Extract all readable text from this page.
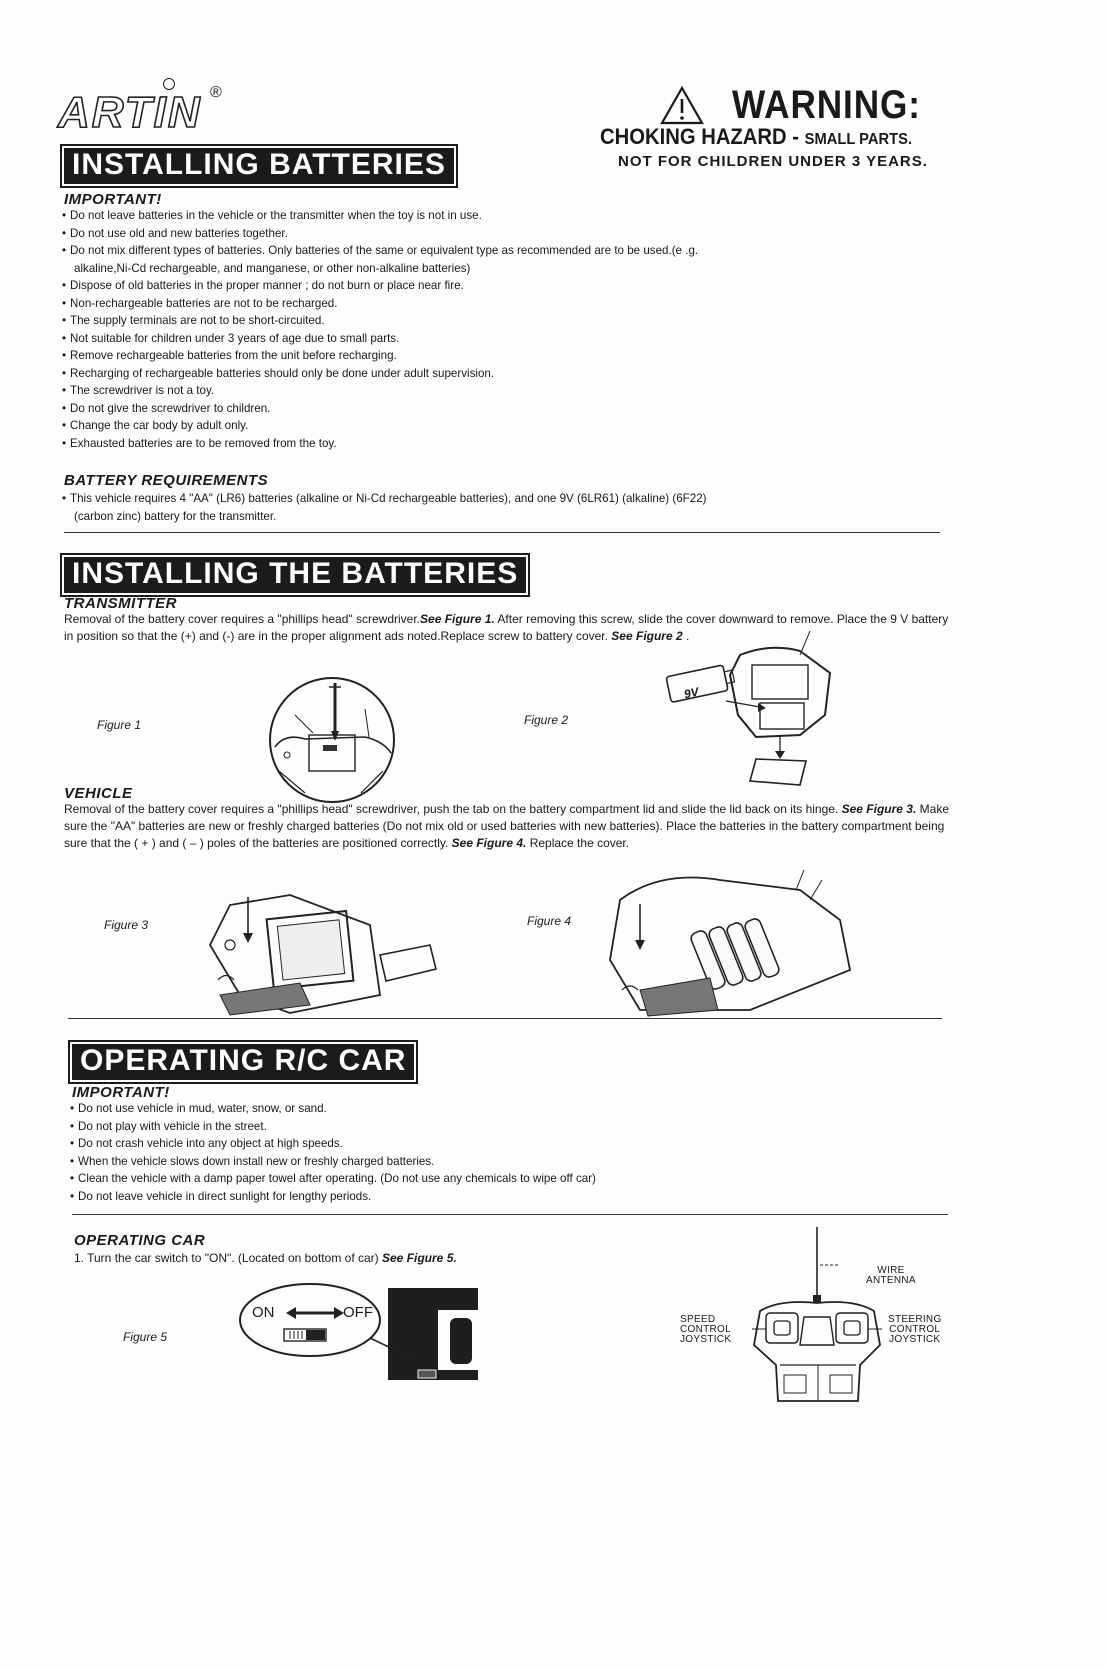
ARTIN ®	WARNING:
CHOKING HAZARD - SMALL PARTS.
NOT FOR CHILDREN UNDER 3 YEARS.
INSTALLING BATTERIES
IMPORTANT!
• Do not leave batteries in the vehicle or the transmitter when the toy is not in use.
• Do not use old and new batteries together.
• Do not mix different types of batteries. Only batteries of the same or equivalent type as recommended are to be used.(e .g.
alkaline,Ni-Cd rechargeable, and manganese, or other non-alkaline batteries)
• Dispose of old batteries in the proper manner ; do not burn or place near fire.
• Non-rechargeable batteries are not to be recharged.
• The supply terminals are not to be short-circuited.
• Not suitable for children under 3 years of age due to small parts.
• Remove rechargeable batteries from the unit before recharging.
• Recharging of rechargeable batteries should only be done under adult supervision.
• The screwdriver is not a toy.
• Do not give the screwdriver to children.
• Change the car body by adult only.
• Exhausted batteries are to be removed from the toy.
BATTERY REQUIREMENTS
• This vehicle requires 4 "AA" (LR6) batteries (alkaline or Ni-Cd rechargeable batteries), and one 9V (6LR61) (alkaline) (6F22)
(carbon zinc) battery for the transmitter.
INSTALLING THE BATTERIES
TRANSMITTER
Removal of the battery cover requires a "phillips head" screwdriver.See Figure 1. After removing this screw, slide the cover downward to remove. Place the 9 V battery in position so that the (+) and (-) are in the proper alignment ads noted.Replace screw to battery cover. See Figure 2 .
Figure 1	Figure 2
9V
VEHICLE
Removal of the battery cover requires a "phillips head" screwdriver, push the tab on the battery compartment lid and slide the lid back on its hinge. See Figure 3. Make sure the "AA" batteries are new or freshly charged batteries (Do not mix old or used batteries with new batteries). Place the batteries in the battery compartment being sure that the ( + ) and ( – ) poles of the batteries are positioned correctly. See Figure 4. Replace the cover.
Figure 3	Figure 4
OPERATING R/C CAR
IMPORTANT!
• Do not use vehicle in mud, water, snow, or sand.
• Do not play with vehicle in the street.
• Do not crash vehicle into any object at high speeds.
• When the vehicle slows down install new or freshly charged batteries.
• Clean the vehicle with a damp paper towel after operating. (Do not use any chemicals to wipe off car)
• Do not leave vehicle in direct sunlight for lengthy periods.
OPERATING CAR
1. Turn the car switch to "ON". (Located on bottom of car) See Figure 5.
Figure 5
ON	OFF
WIRE
ANTENNA
SPEED
CONTROL
JOYSTICK
STEERING
CONTROL
JOYSTICK
